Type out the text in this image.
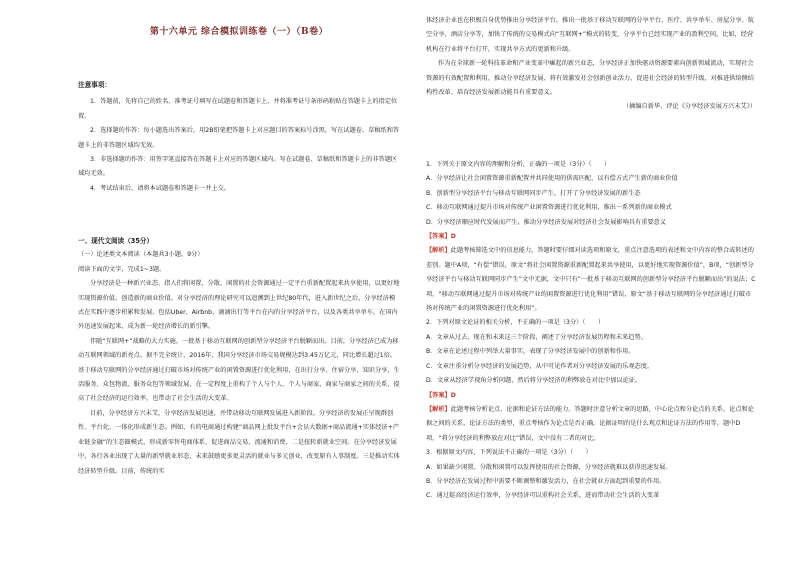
第十六单元 综合模拟训练卷（一）（B卷）

注意事项：

1．答题前，先将自己的姓名、准考证号填写在试题卷和答题卡上，并将准考证号条形码粘贴在答题卡上的指定位置。

2．选择题的作答：每小题选出答案后，用2B铅笔把答题卡上对应题目的答案标号涂黑，写在试题卷、草稿纸和答题卡上的非答题区域均无效。

3．非选择题的作答：用签字笔直接答在答题卡上对应的答题区域内。写在试题卷、草稿纸和答题卡上的非答题区域均无效。

4．考试结束后，请将本试题卷和答题卡一并上交。

一、现代文阅读（35分）

（一）论述类文本阅读（本题共3小题，9分）

阅读下面的文字，完成1~3题。

分享经济是一种新兴业态，指人们将闲置、分散、闲置的社会资源通过一定平台重新配置起来共享使用，以更好地实现资源价值，创造新的商业价值。对分享经济的理论研究可以追溯到上世纪80年代，进入新世纪之后，分享经济模式在实践中逐步积累和发展。包括Uber、Airbnb、滴滴出行等平台在内的分享经济平台，以及各类共享单车，在国内外迅速发展起来，成为新一轮经济增长的新引擎。

伴随“互联网+”战略的大力实施，一批基于移动互联网的创新型分享经济平台脱颖而出。目前，分享经济已成为移动互联网领域的新亮点。据不完全统计，2016年，我国分享经济市场交易规模达到3.45万亿元，同比增长超过1倍。基于移动互联网的分享经济通过打破市场对传统产业的闲置资源进行优化利用，在出行分享、住宿分享、知识分享、生活服务、众包物流、服务众包等领域发展，在一定程度上重构了个人与个人、个人与商家、商家与商家之间的关系，提高了社会经济的运行效率，也带动了社会生活的大变革。

目前，分享经济方兴未艾，分享经济发展迅速，并带动移动互联网发展进入新阶段。分享经济的发展正呈现群创性、平台化、一体化形成新生态。例如，有的电商通过构建“商品网上批发平台+会员大数据+商品流通+实体经济+产业链金融”的生态圈模式，形成新零售电商体系，促进商品交易、流通和消费，二是扭转新就业空间。在分享经济发展中，各行各业出现了大量的新型就业形态，未来鼓励更多更灵活的就业与多元创业，改变原有人事制度。三是推动实体经济转型升级。目前，传统的实

体经济企业也在积极自身优势推出分享经济平台，推出一批基于移动互联网的分享平台，医疗、共享单车、房屋分享、航空分享、酒店分享等，加快了传统的交易模式向“互联网+”模式的转变，分享平台已经实现产业的盈利空间，比如，经营机构在行业将平台打开，实现共享方式的更新和升级。

作为在全球新一轮科技革命和产业变革中崛起的新兴业态，分享经济正加快驱动资源要素向创新领域流动，实现社会资源的有效配置和利用，推动分享经济发展、将有效激发社会创新创业活力，促进社会经济的转型升级，对推进供给侧结构性改革、培育经济发展新动能具有重要意义。

（摘编自新华、评论《分享经济发展方兴未艾》）

1．下列关于原文内容的理解和分析，正确的一项是（3分）（　　）

A．分享经济让社会闲置资源重新配置并共同使用的供需匹配，以有偿方式产生新的商业价值

B．创新型分享经济平台与移动互联网同步产生，打开了分享经济发展的新生态

C．移动互联网通过提升市场对传统产业闲置资源进行优化利用，推出一系列新的商业模式

D．分享经济顺应时代发展而产生，推动分享经济发展对经济社会发展影响具有重要意义

【答案】D

【解析】此题考核筛选文中的信息能力，答题时要仔细对读选项和原文，重点注意选项的表述和文中内容的整合或转述的差别。题中A项，“有偿”错误，原文“将社会闲置资源重新配置起来共享使用，以更好地实现资源价值”，B项，“创新型分享经济平台与移动互联网同步产生”文中无据，文中只有“一批基于移动互联网的创新型分享经济平台脱颖而出”的说法；C项，“移动互联网通过提升市场对传统产业的闲置资源进行优化利用”错误，原文“基于移动互联网的分享经济通过打破市场对传统产业的闲置资源进行优化利用”。

2．下列对原文论证的相关分析，不正确的一项是（3分）（　　）

A．文章从过去、现在和未来这三个阶段，阐述了分享经济发展历程和未来趋势。

B．文章在论述过程中列举大量事实，表现了分享经济发展中的创新和作用。

C．文章注重分析分享经济的发展趋势，从中可见作者对分享经济发展的乐观态度。

D．文章从经济学视角分析问题，然后将分享经济的利弊放在对比中加以论证。

【答案】D

【解析】此题考核分析论点、论据和论证方法的能力。答题时注意分析文章的思路，中心论点和分论点的关系，论点和论据之间的关系，论证方法的类型，重点考核作为论点是否正确，论据证明的是什么观点和论证方法的作用等。题中D项，“将分享经济的利弊放在对比”错误，文中没有二者的对比。

3．根据原文内容，下列说法不正确的一项是（3分）（　　）

A．如果缺少闲置、分散和闲置可以发挥使用的社会资源，分享经济就难以获得迅速发展。

B．分享经济在发展过程中需要不断调整和激发活力，在社会就业方面起到重要的作用。

C．通过提高经济运行效率，分享经济可以重构社会关系，进而带动社会生活的大变革
